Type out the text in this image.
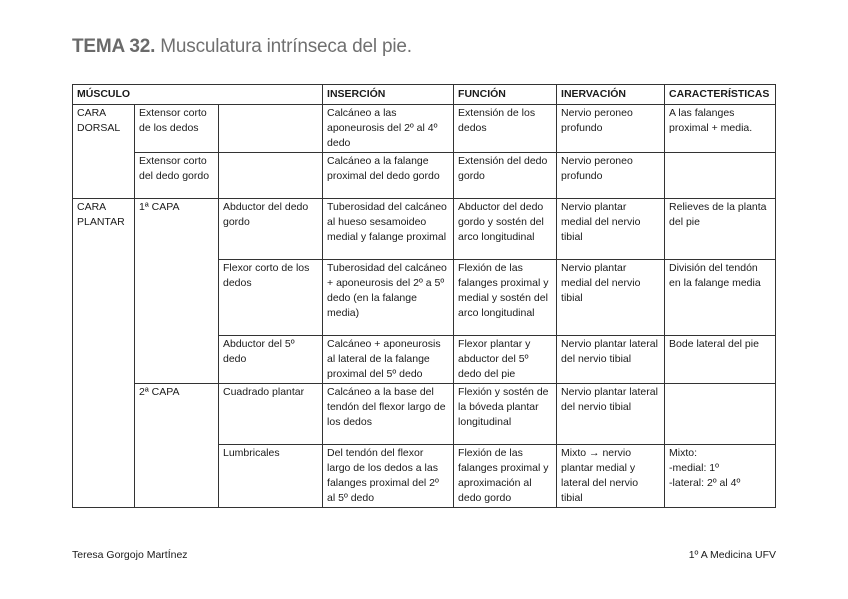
TEMA 32. Musculatura intrínseca del pie.
MÚSCULO			INSERCIÓN	FUNCIÓN	INERVACIÓN	CARACTERÍSTICAS
CARA
DORSAL	Extensor corto de los dedos		Calcáneo a las aponeurosis del 2º al 4º dedo	Extensión de los dedos	Nervio peroneo profundo	A las falanges proximal + media.
	Extensor corto del dedo gordo		Calcáneo a la falange proximal del dedo gordo	Extensión del dedo gordo	Nervio peroneo profundo	
CARA
PLANTAR	1ª CAPA	Abductor del dedo gordo	Tuberosidad del calcáneo al hueso sesamoideo medial y falange proximal	Abductor del dedo gordo y sostén del arco longitudinal	Nervio plantar medial del nervio tibial	Relieves de la planta del pie
		Flexor corto de los dedos	Tuberosidad del calcáneo + aponeurosis del 2º a 5º dedo (en la falange media)	Flexión de las falanges proximal y medial y sostén del arco longitudinal	Nervio plantar medial del nervio tibial	División del tendón en la falange media
		Abductor del 5º dedo	Calcáneo + aponeurosis al lateral de la falange proximal del 5º dedo	Flexor plantar y abductor del 5º dedo del pie	Nervio plantar lateral del nervio tibial	Bode lateral del pie
	2ª CAPA	Cuadrado plantar	Calcáneo a la base del tendón del flexor largo de los dedos	Flexión y sostén de la bóveda plantar longitudinal	Nervio plantar lateral del nervio tibial	
		Lumbricales	Del tendón del flexor largo de los dedos a las falanges proximal del 2º al 5º dedo	Flexión de las falanges proximal y aproximación al dedo gordo	Mixto → nervio plantar medial y lateral del nervio tibial	Mixto:
-medial: 1º
-lateral: 2º al 4º
Teresa Gorgojo MartÍnez	1º A Medicina UFV
